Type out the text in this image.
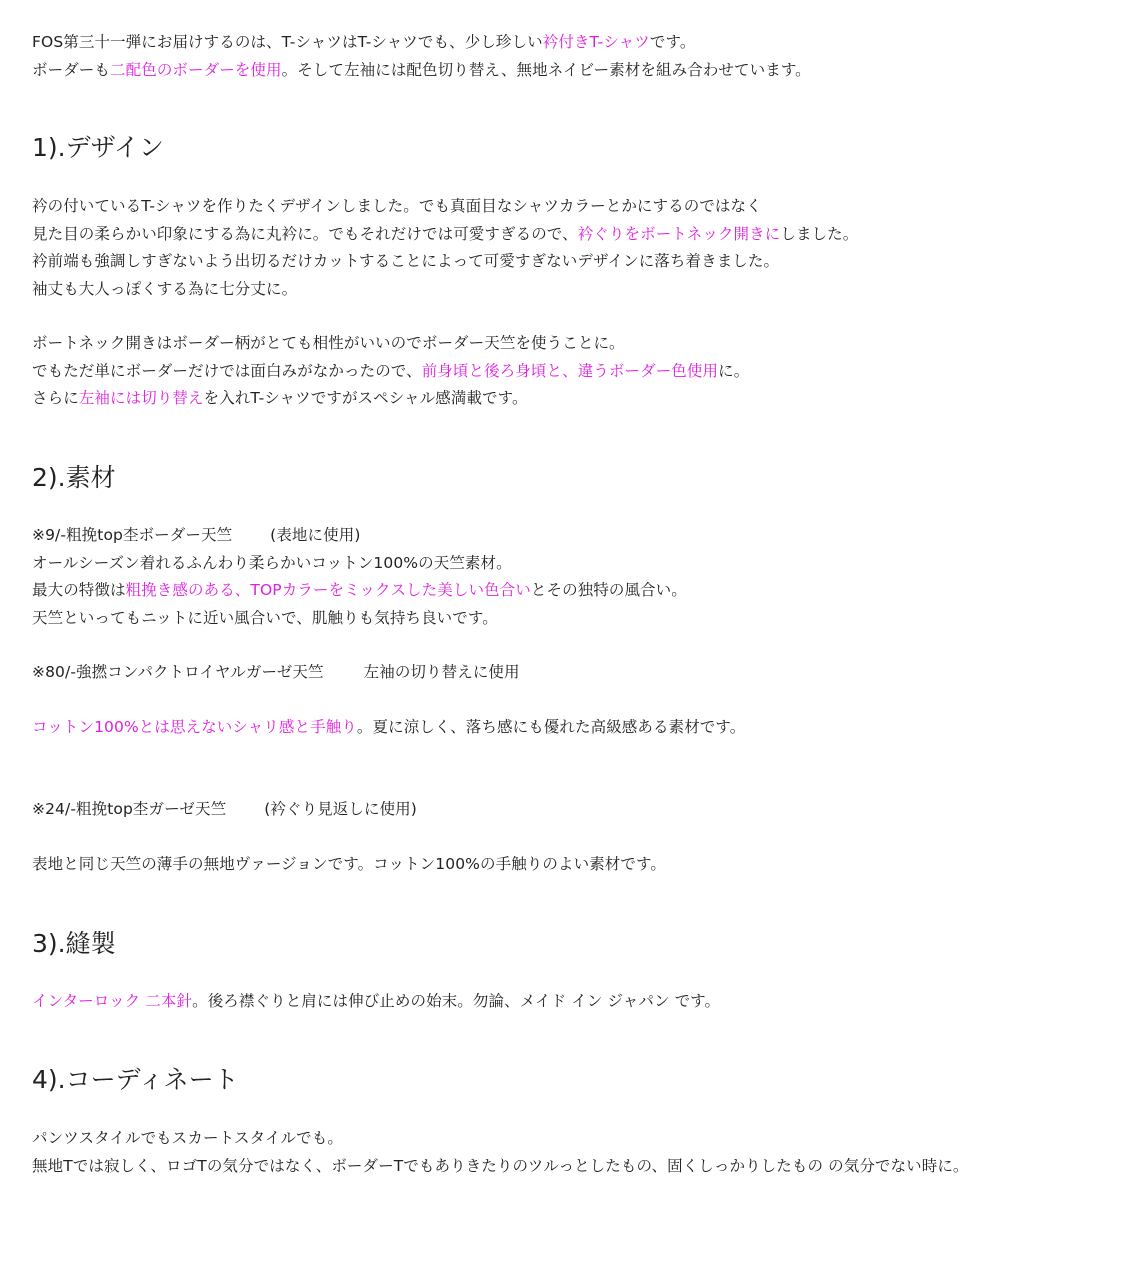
FOS第三十一弾にお届けするのは、T-シャツはT-シャツでも、少し珍しい衿付きT-シャツです。
ボーダーも二配色のボーダーを使用。そして左袖には配色切り替え、無地ネイビー素材を組み合わせています。
1).デザイン
衿の付いているT-シャツを作りたくデザインしました。でも真面目なシャツカラーとかにするのではなく
見た目の柔らかい印象にする為に丸衿に。でもそれだけでは可愛すぎるので、衿ぐりをボートネック開きにしました。
衿前端も強調しすぎないよう出切るだけカットすることによって可愛すぎないデザインに落ち着きました。
袖丈も大人っぽくする為に七分丈に。
ボートネック開きはボーダー柄がとても相性がいいのでボーダー天竺を使うことに。
でもただ単にボーダーだけでは面白みがなかったので、前身頃と後ろ身頃と、違うボーダー色使用に。
さらに左袖には切り替えを入れT-シャツですがスペシャル感満載です。
2).素材
※9/-粗挽top杢ボーダー天竺 (表地に使用)
オールシーズン着れるふんわり柔らかいコットン100%の天竺素材。
最大の特徴は粗挽き感のある、TOPカラーをミックスした美しい色合いとその独特の風合い。
天竺といってもニットに近い風合いで、肌触りも気持ち良いです。
※80/-強撚コンパクトロイヤルガーゼ天竺	左袖の切り替えに使用
コットン100%とは思えないシャリ感と手触り。夏に涼しく、落ち感にも優れた高級感ある素材です。
※24/-粗挽top杢ガーゼ天竺 (衿ぐり見返しに使用)
表地と同じ天竺の薄手の無地ヴァージョンです。コットン100%の手触りのよい素材です。
3).縫製
インターロック 二本針。後ろ襟ぐりと肩には伸び止めの始末。勿論、メイド イン ジャパン です。
4).コーディネート
パンツスタイルでもスカートスタイルでも。
無地Tでは寂しく、ロゴTの気分ではなく、ボーダーTでもありきたりのツルっとしたもの、固くしっかりしたもの の気分でない時に。
